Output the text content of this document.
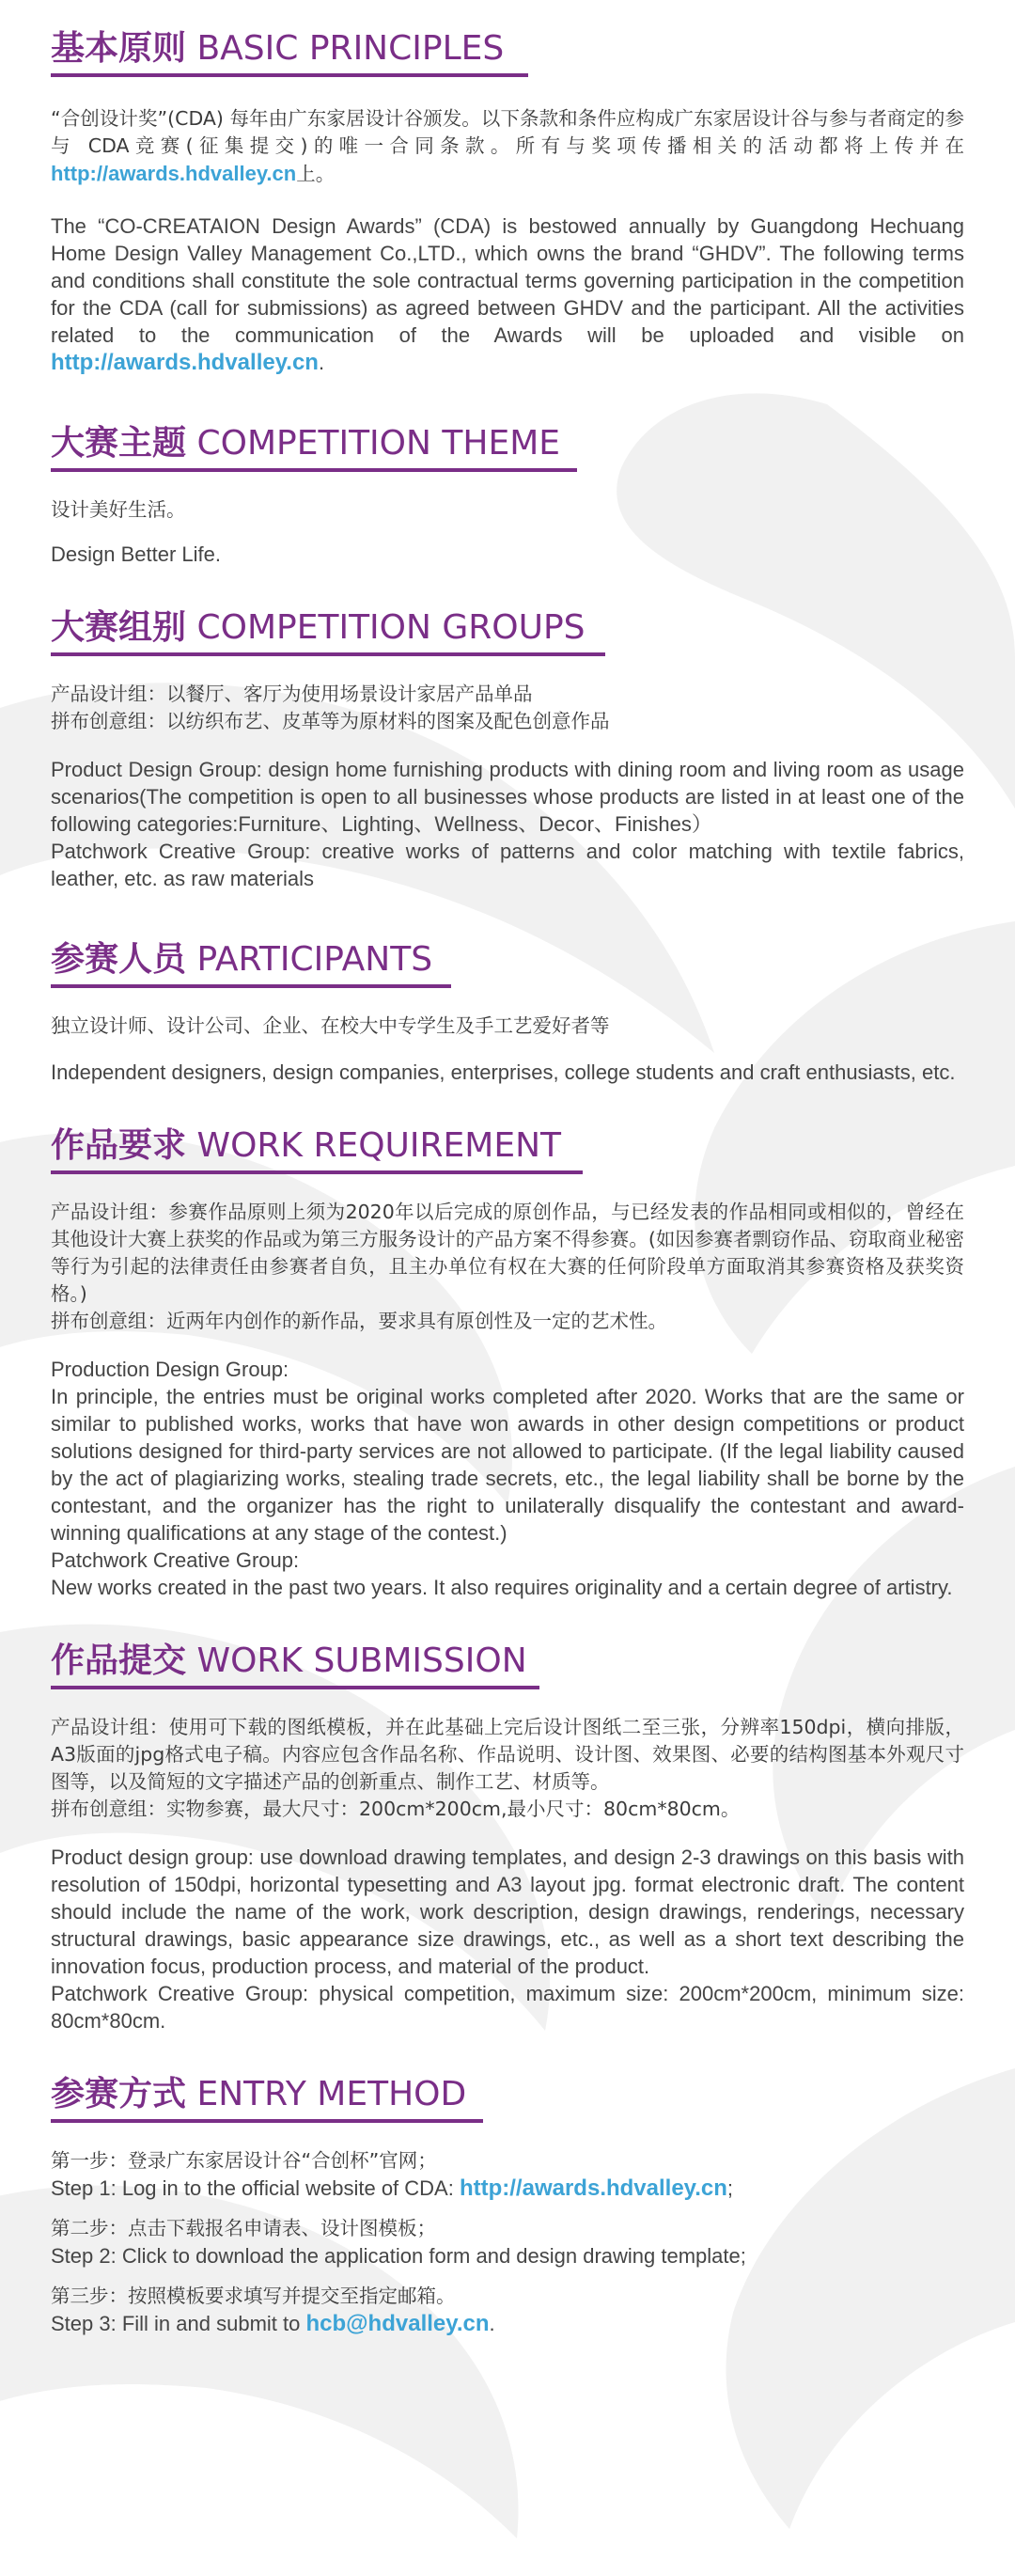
基本原则 BASIC PRINCIPLES

“合创设计奖”(CDA) 每年由广东家居设计谷颁发。以下条款和条件应构成广东家居设计谷与参与者商定的参与 CDA竞赛(征集提交)的唯一合同条款。所有与奖项传播相关的活动都将上传并在http://awards.hdvalley.cn上。

The “CO-CREATAION Design Awards” (CDA) is bestowed annually by Guangdong Hechuang Home Design Valley Management Co.,LTD., which owns the brand “GHDV”. The following terms and conditions shall constitute the sole contractual terms governing participation in the competition for the CDA (call for submissions) as agreed between GHDV and the participant. All the activities related to the communication of the Awards will be uploaded and visible on http://awards.hdvalley.cn.

大赛主题 COMPETITION THEME

设计美好生活。

Design Better Life.

大赛组别 COMPETITION GROUPS

产品设计组：以餐厅、客厅为使用场景设计家居产品单品

拼布创意组：以纺织布艺、皮革等为原材料的图案及配色创意作品

Product Design Group: design home furnishing products with dining room and living room as usage scenarios(The competition is open to all businesses whose products are listed in at least one of the following categories:Furniture、Lighting、Wellness、Decor、Finishes）

Patchwork Creative Group: creative works of patterns and color matching with textile fabrics, leather, etc. as raw materials

参赛人员 PARTICIPANTS

独立设计师、设计公司、企业、在校大中专学生及手工艺爱好者等

Independent designers, design companies, enterprises, college students and craft enthusiasts, etc.

作品要求 WORK REQUIREMENT

产品设计组：参赛作品原则上须为2020年以后完成的原创作品，与已经发表的作品相同或相似的，曾经在其他设计大赛上获奖的作品或为第三方服务设计的产品方案不得参赛。(如因参赛者剽窃作品、窃取商业秘密等行为引起的法律责任由参赛者自负，且主办单位有权在大赛的任何阶段单方面取消其参赛资格及获奖资格。)

拼布创意组：近两年内创作的新作品，要求具有原创性及一定的艺术性。

Production Design Group:

In principle, the entries must be original works completed after 2020. Works that are the same or similar to published works, works that have won awards in other design competitions or product solutions designed for third-party services are not allowed to participate. (If the legal liability caused by the act of plagiarizing works, stealing trade secrets, etc., the legal liability shall be borne by the contestant, and the organizer has the right to unilaterally disqualify the contestant and award-winning qualifications at any stage of the contest.)

Patchwork Creative Group:

New works created in the past two years. It also requires originality and a certain degree of artistry.

作品提交 WORK SUBMISSION

产品设计组：使用可下载的图纸模板，并在此基础上完后设计图纸二至三张，分辨率150dpi，横向排版，A3版面的jpg格式电子稿。内容应包含作品名称、作品说明、设计图、效果图、必要的结构图基本外观尺寸图等，以及简短的文字描述产品的创新重点、制作工艺、材质等。

拼布创意组：实物参赛，最大尺寸：200cm*200cm,最小尺寸：80cm*80cm。

Product design group: use download drawing templates, and design 2-3 drawings on this basis with resolution of 150dpi, horizontal typesetting and A3 layout jpg. format electronic draft. The content should include the name of the work, work description, design drawings, renderings, necessary structural drawings, basic appearance size drawings, etc., as well as a short text describing the innovation focus, production process, and material of the product.

Patchwork Creative Group: physical competition, maximum size: 200cm*200cm, minimum size: 80cm*80cm.

参赛方式 ENTRY METHOD

第一步：登录广东家居设计谷“合创杯”官网；

Step 1: Log in to the official website of CDA: http://awards.hdvalley.cn;

第二步：点击下载报名申请表、设计图模板；

Step 2: Click to download the application form and design drawing template;

第三步：按照模板要求填写并提交至指定邮箱。

Step 3: Fill in and submit to hcb@hdvalley.cn.
